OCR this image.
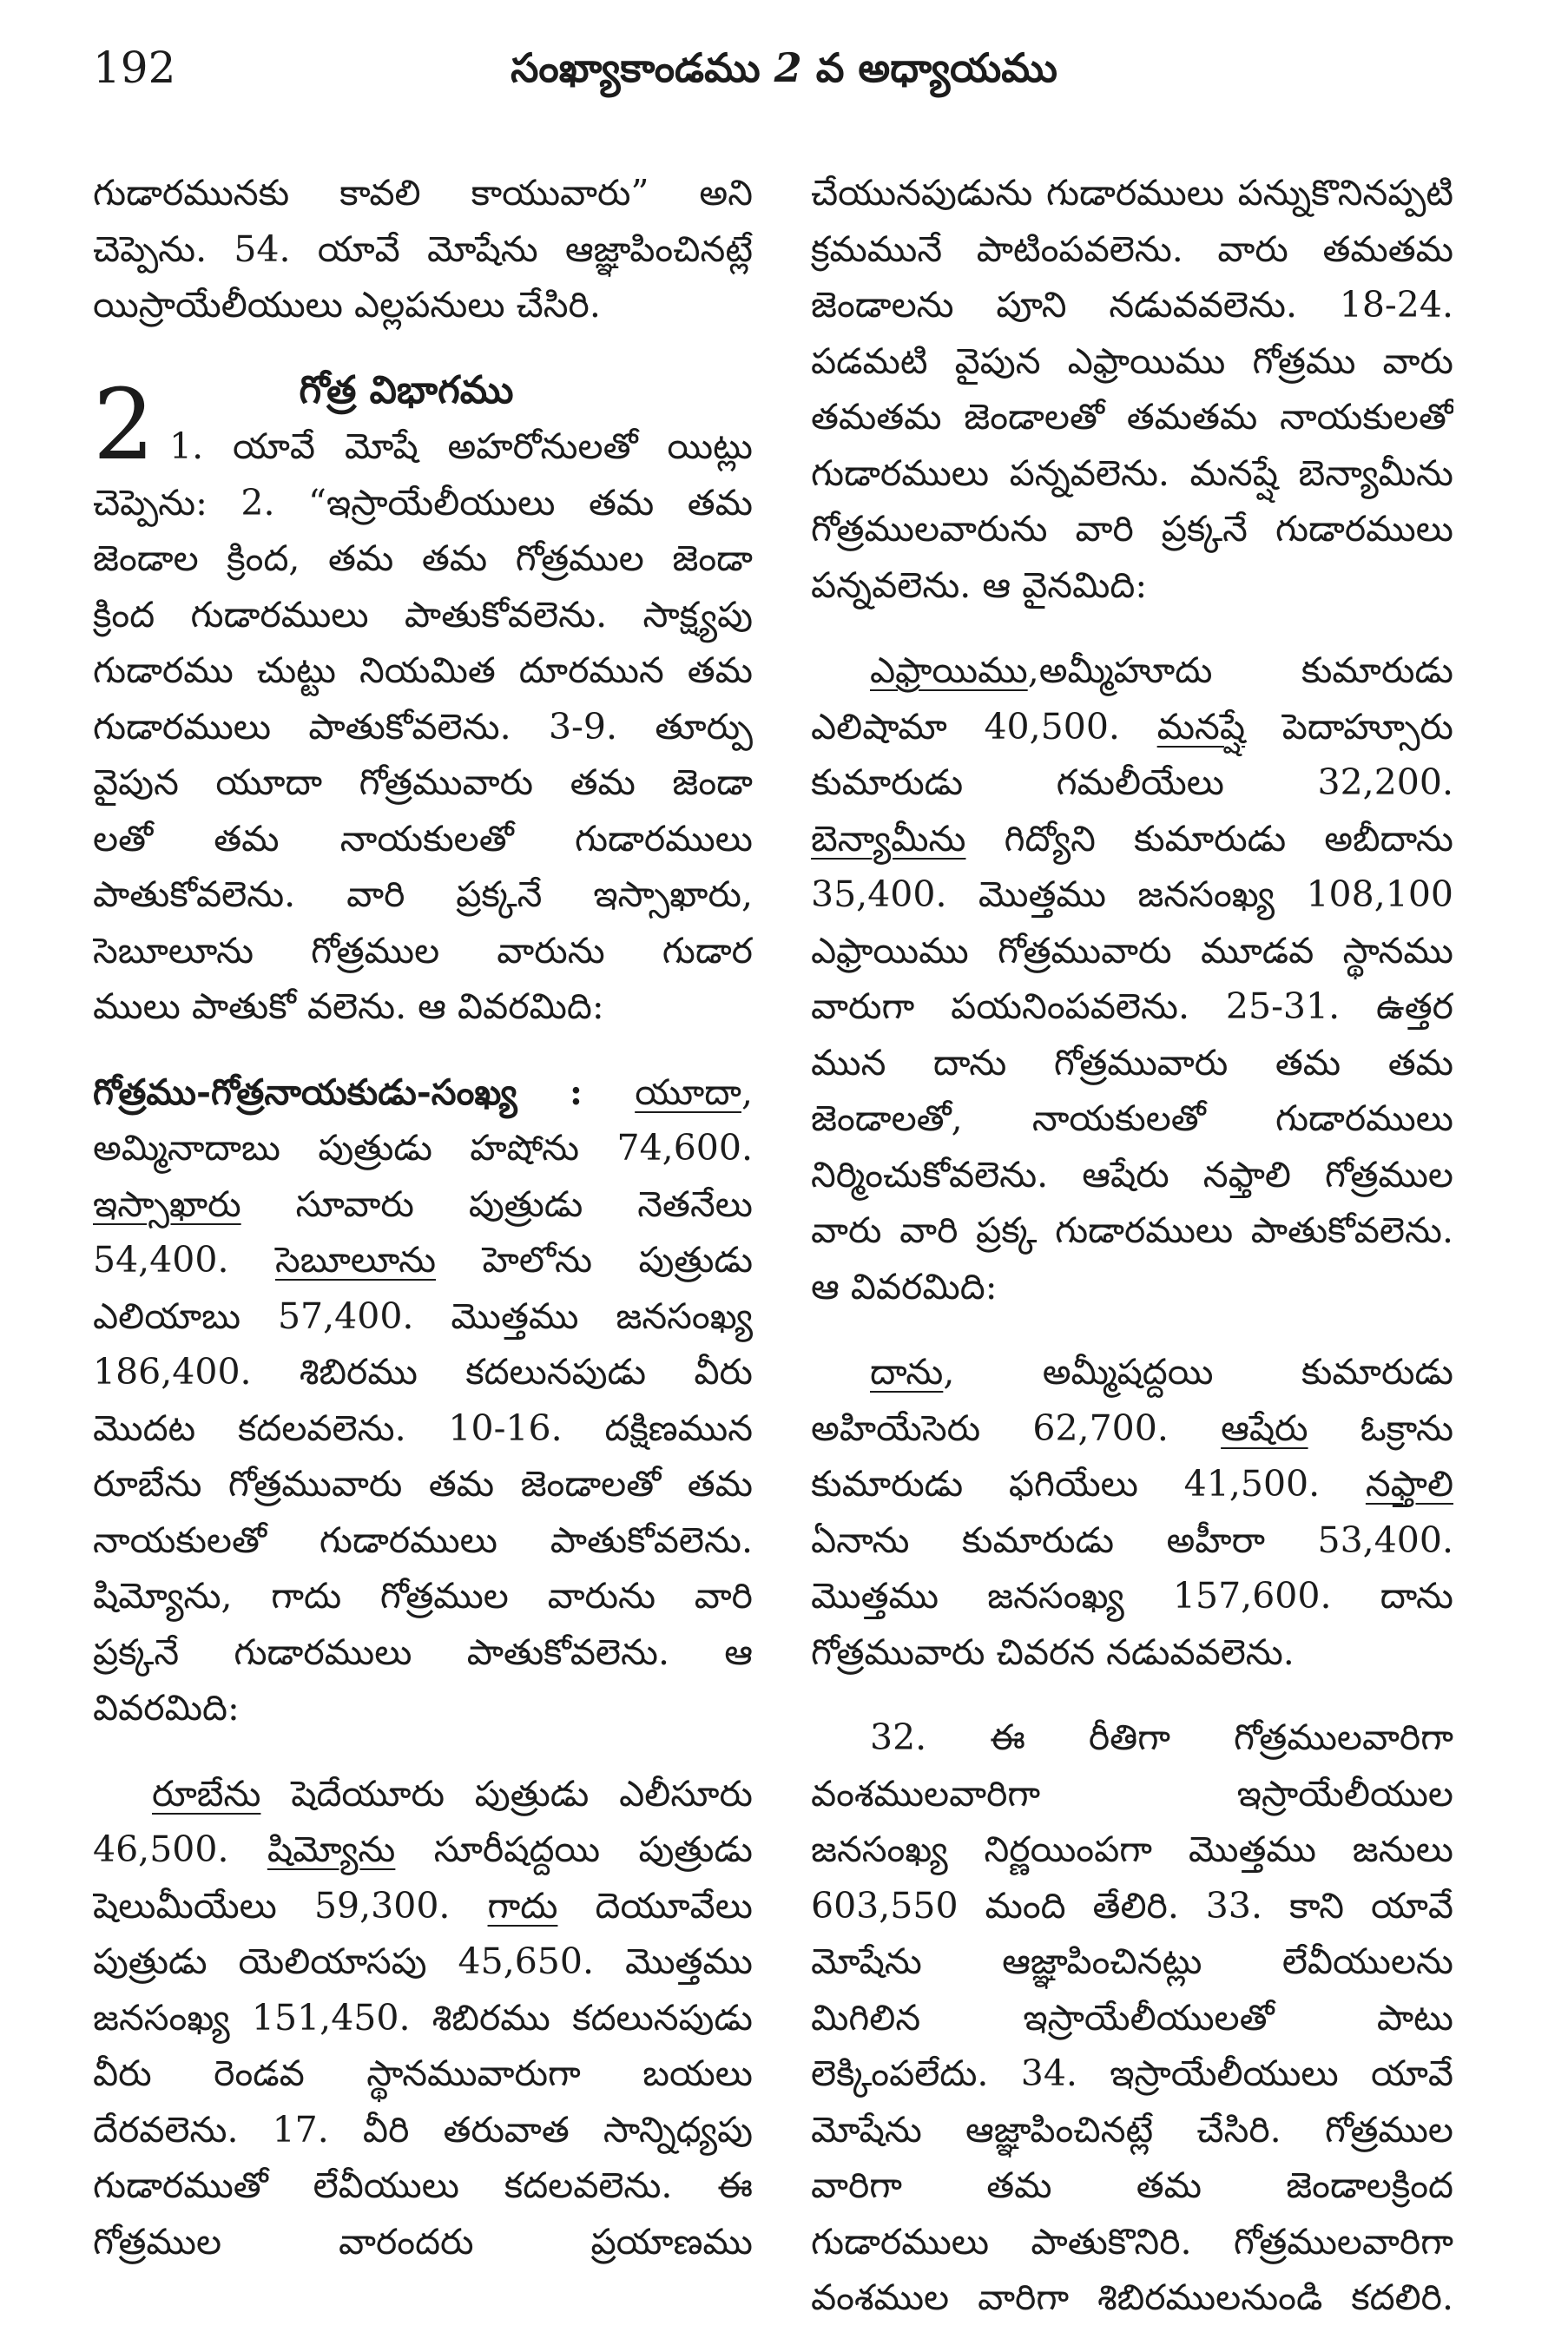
192	సంఖ్యాకాండము 2 వ అధ్యాయము
గుడారమునకు కావలి కాయువారు” అని
చెప్పెను. 54. యావే మోషేను ఆజ్ఞాపించినట్లే
యిస్రాయేలీయులు ఎల్లపనులు చేసిరి.
గోత్ర విభాగము
2 1. యావే మోషే అహరోనులతో యిట్లు
చెప్పెను: 2. “ఇస్రాయేలీయులు తమ తమ
జెండాల క్రింద, తమ తమ గోత్రముల జెండా
క్రింద గుడారములు పాతుకోవలెను. సాక్ష్యపు
గుడారము చుట్టు నియమిత దూరమున తమ
గుడారములు పాతుకోవలెను. 3-9. తూర్పు
వైపున యూదా గోత్రమువారు తమ జెండా
లతో తమ నాయకులతో గుడారములు
పాతుకోవలెను. వారి ప్రక్కనే ఇస్సాఖారు,
సెబూలూను గోత్రముల వారును గుడార
ములు పాతుకో వలెను. ఆ వివరమిది:
గోత్రము-గోత్రనాయకుడు-సంఖ్య : యూదా,
అమ్మినాదాబు పుత్రుడు హషోను 74,600.
ఇస్సాఖారు సూవారు పుత్రుడు నెతనేలు
54,400. సెబూలూను హెలోను పుత్రుడు
ఎలియాబు 57,400. మొత్తము జనసంఖ్య
186,400. శిబిరము కదలునపుడు వీరు
మొదట కదలవలెను. 10-16. దక్షిణమున
రూబేను గోత్రమువారు తమ జెండాలతో తమ
నాయకులతో గుడారములు పాతుకోవలెను.
షిమ్యోను, గాదు గోత్రముల వారును వారి
ప్రక్కనే గుడారములు పాతుకోవలెను. ఆ
వివరమిది:
రూబేను షెదేయూరు పుత్రుడు ఎలీసూరు
46,500. షిమ్యోను సూరీషద్దయి పుత్రుడు
షెలుమీయేలు 59,300. గాదు దెయూవేలు
పుత్రుడు యెలియాసపు 45,650. మొత్తము
జనసంఖ్య 151,450. శిబిరము కదలునపుడు
వీరు రెండవ స్థానమువారుగా బయలు
దేరవలెను. 17. వీరి తరువాత సాన్నిధ్యపు
గుడారముతో లేవీయులు కదలవలెను. ఈ
గోత్రముల వారందరు ప్రయాణము
చేయునపుడును గుడారములు పన్నుకొనినప్పటి
క్రమమునే పాటింపవలెను. వారు తమతమ
జెండాలను పూని నడువవలెను. 18-24.
పడమటి వైపున ఎఫ్రాయిము గోత్రము వారు
తమతమ జెండాలతో తమతమ నాయకులతో
గుడారములు పన్నవలెను. మనష్షే బెన్యామీను
గోత్రములవారును వారి ప్రక్కనే గుడారములు
పన్నవలెను. ఆ వైనమిది:
ఎఫ్రాయిము,అమ్మీహూదు కుమారుడు
ఎలిషామా 40,500. మనష్షే పెదాహ్సూరు
కుమారుడు గమలీయేలు 32,200.
బెన్యామీను గిద్యోని కుమారుడు అబీదాను
35,400. మొత్తము జనసంఖ్య 108,100
ఎఫ్రాయిము గోత్రమువారు మూడవ స్థానము
వారుగా పయనింపవలెను. 25-31. ఉత్తర
మున దాను గోత్రమువారు తమ తమ
జెండాలతో, నాయకులతో గుడారములు
నిర్మించుకోవలెను. ఆషేరు నఫ్తాలి గోత్రముల
వారు వారి ప్రక్క గుడారములు పాతుకోవలెను.
ఆ వివరమిది:
దాను, అమ్మీషద్దయి కుమారుడు
అహియేసెరు 62,700. ఆషేరు ఓక్రాను
కుమారుడు ఫగియేలు 41,500. నఫ్తాలి
ఏనాను కుమారుడు అహీరా 53,400.
మొత్తము జనసంఖ్య 157,600. దాను
గోత్రమువారు చివరన నడువవలెను.
32. ఈ రీతిగా గోత్రములవారిగా
వంశములవారిగా ఇస్రాయేలీయుల
జనసంఖ్య నిర్ణయింపగా మొత్తము జనులు
603,550 మంది తేలిరి. 33. కాని యావే
మోషేను ఆజ్ఞాపించినట్లు లేవీయులను
మిగిలిన ఇస్రాయేలీయులతో పాటు
లెక్కింపలేదు. 34. ఇస్రాయేలీయులు యావే
మోషేను ఆజ్ఞాపించినట్లే చేసిరి. గోత్రముల
వారిగా తమ తమ జెండాలక్రింద
గుడారములు పాతుకొనిరి. గోత్రములవారిగా
వంశముల వారిగా శిబిరములనుండి కదలిరి.
